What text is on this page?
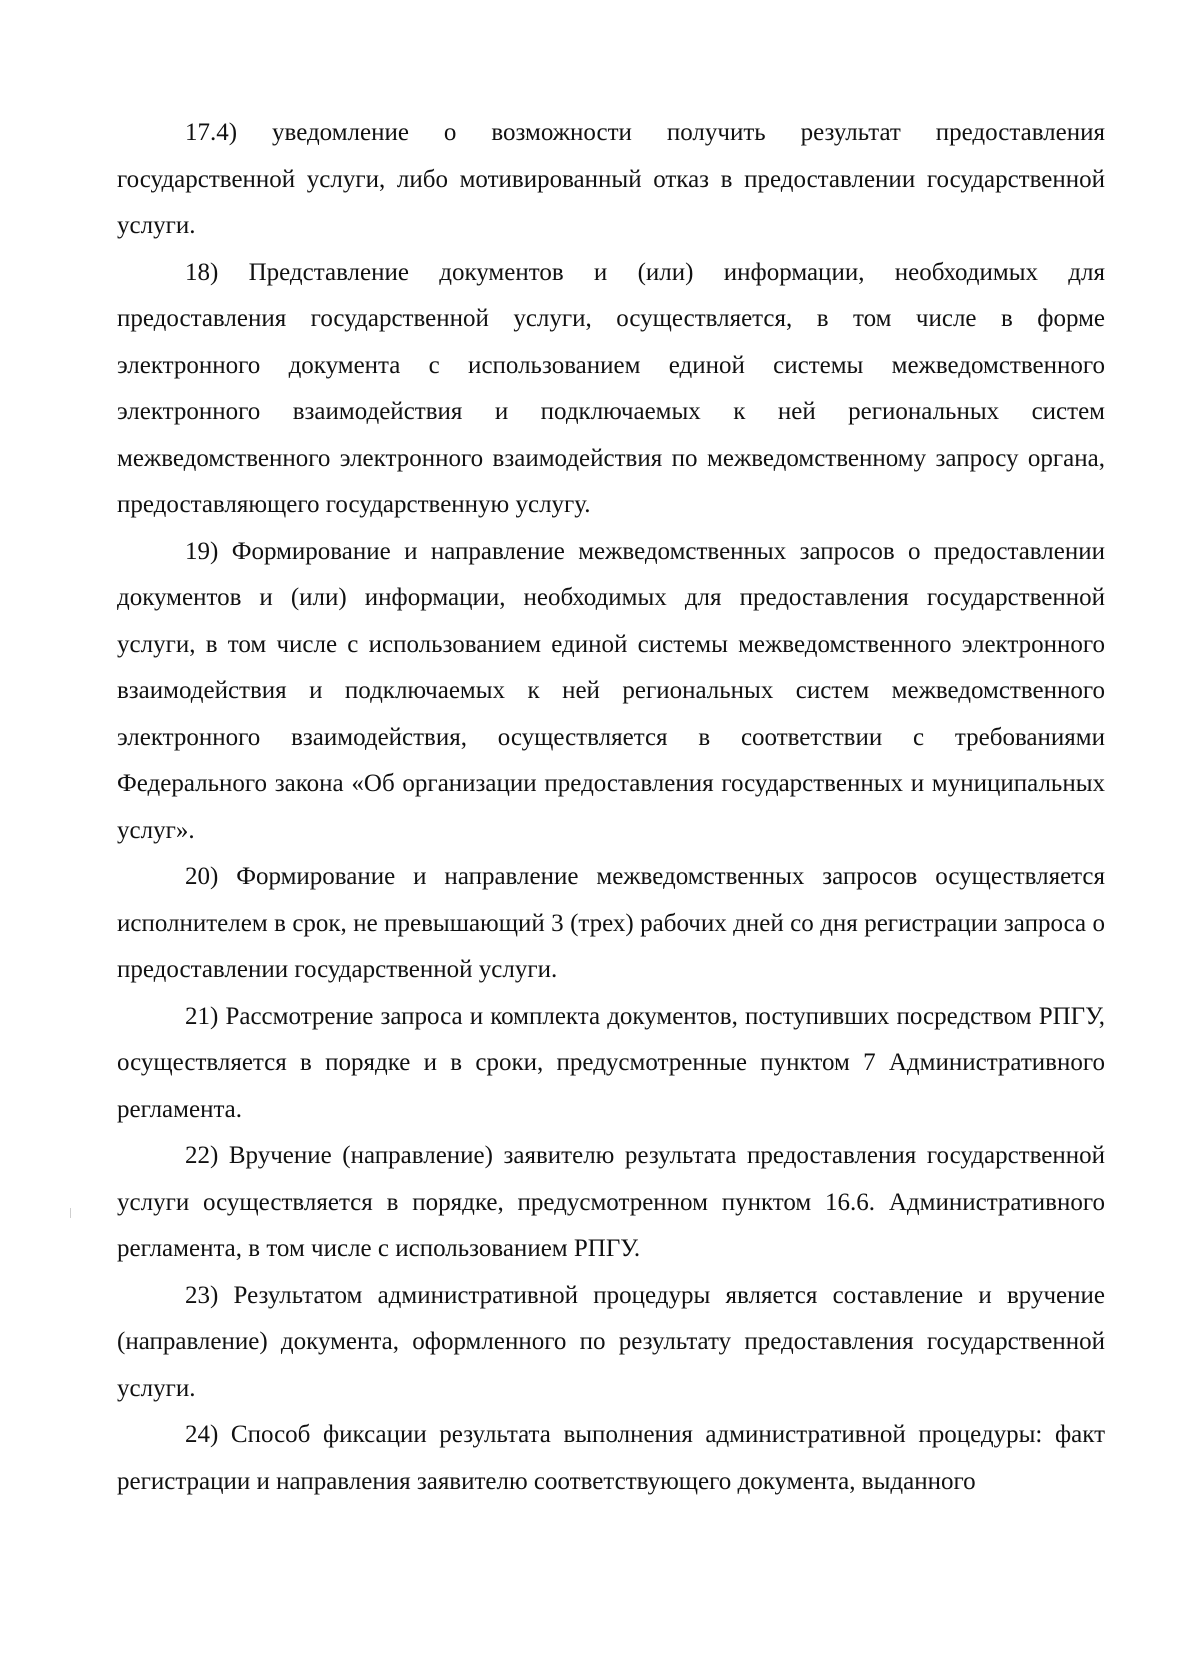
17.4) уведомление о возможности получить результат предоставления государственной услуги, либо мотивированный отказ в предоставлении государственной услуги.

18) Представление документов и (или) информации, необходимых для предоставления государственной услуги, осуществляется, в том числе в форме электронного документа с использованием единой системы межведомственного электронного взаимодействия и подключаемых к ней региональных систем межведомственного электронного взаимодействия по межведомственному запросу органа, предоставляющего государственную услугу.

19) Формирование и направление межведомственных запросов о предоставлении документов и (или) информации, необходимых для предоставления государственной услуги, в том числе с использованием единой системы межведомственного электронного взаимодействия и подключаемых к ней региональных систем межведомственного электронного взаимодействия, осуществляется в соответствии с требованиями Федерального закона «Об организации предоставления государственных и муниципальных услуг».

20) Формирование и направление межведомственных запросов осуществляется исполнителем в срок, не превышающий 3 (трех) рабочих дней со дня регистрации запроса о предоставлении государственной услуги.

21) Рассмотрение запроса и комплекта документов, поступивших посредством РПГУ, осуществляется в порядке и в сроки, предусмотренные пунктом 7 Административного регламента.

22) Вручение (направление) заявителю результата предоставления государственной услуги осуществляется в порядке, предусмотренном пунктом 16.6. Административного регламента, в том числе с использованием РПГУ.

23) Результатом административной процедуры является составление и вручение (направление) документа, оформленного по результату предоставления государственной услуги.

24) Способ фиксации результата выполнения административной процедуры: факт регистрации и направления заявителю соответствующего документа, выданного
